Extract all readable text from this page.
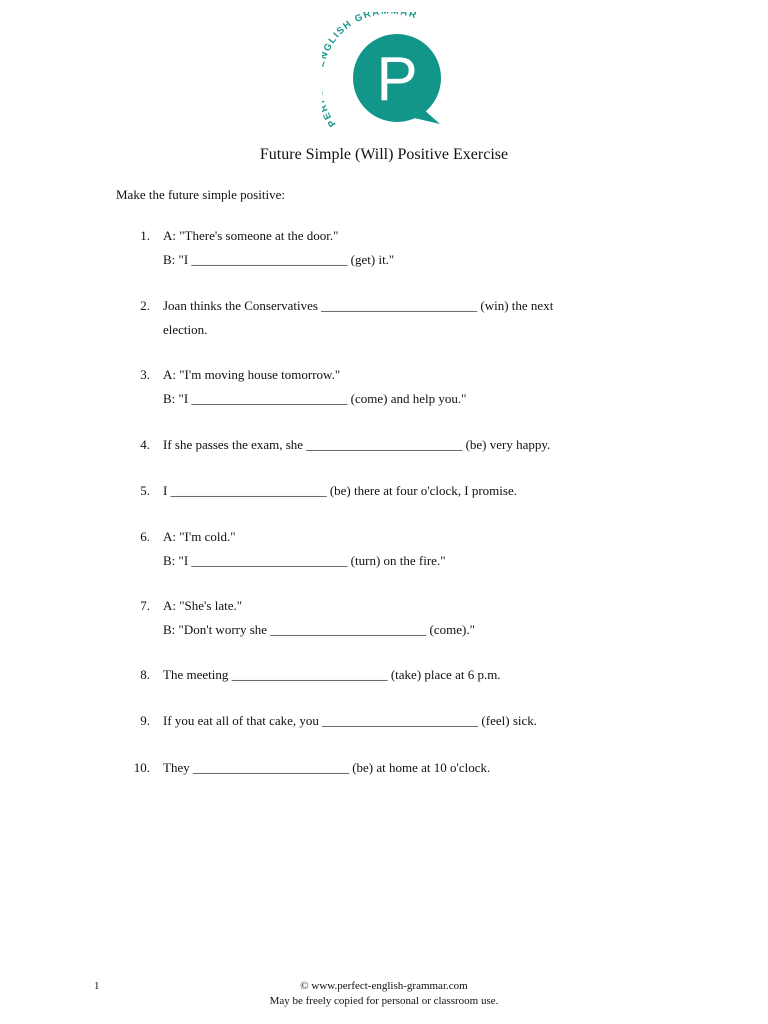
P GLISH GRA AR
P
Future Simple (Will) Positive Exercise
Make the future simple positive:
1. A: "There's someone at the door."
B: "I ________________________ (get) it."
2. Joan thinks the Conservatives ________________________ (win) the next
election.
3. A: "I'm moving house tomorrow."
B: "I ________________________ (come) and help you."
4. If she passes the exam, she ________________________ (be) very happy.
5. I ________________________ (be) there at four o'clock, I promise.
6. A: "I'm cold."
B: "I ________________________ (turn) on the fire."
7. A: "She's late."
B: "Don't worry she ________________________ (come)."
8. The meeting ________________________ (take) place at 6 p.m.
9. If you eat all of that cake, you ________________________ (feel) sick.
10. They ________________________ (be) at home at 10 o'clock.
1	© www.perfect-english-grammar.com
May be freely copied for personal or classroom use.
